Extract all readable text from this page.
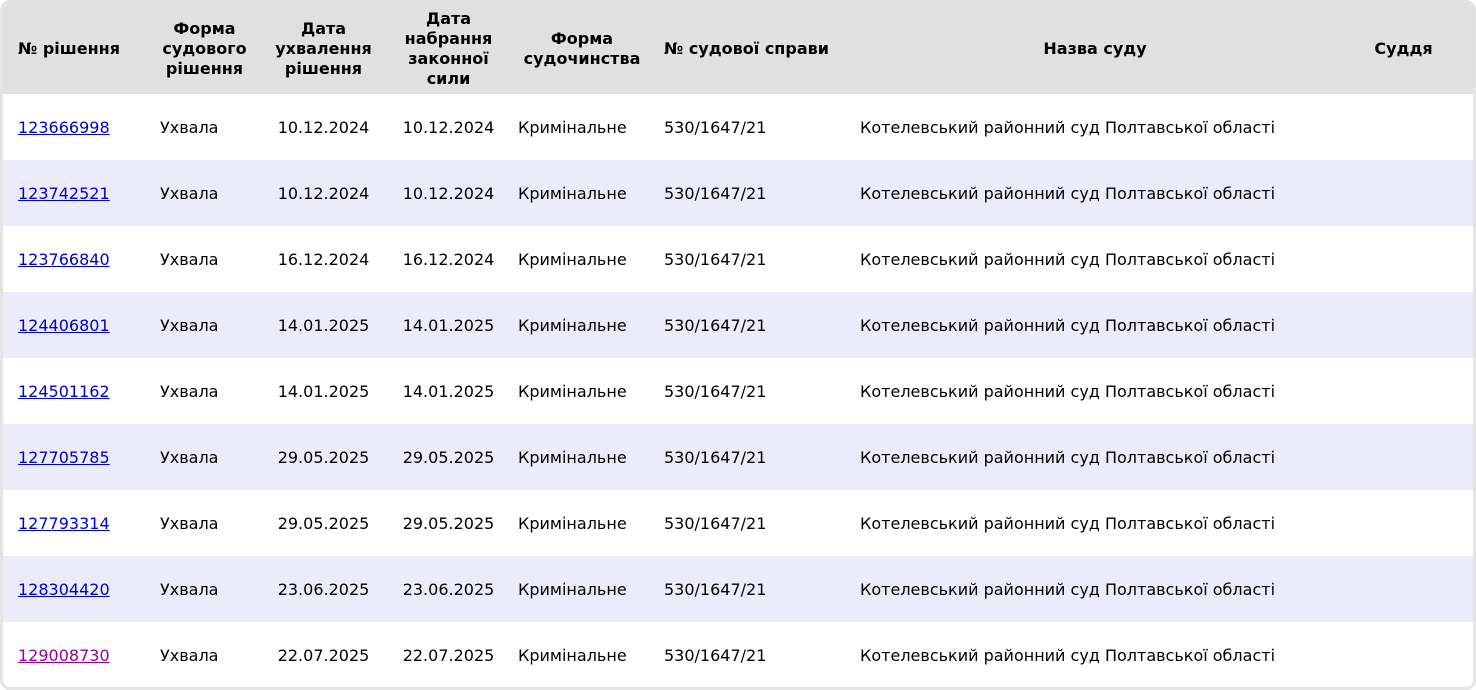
№ рішення	Форма судового рішення	Дата ухвалення рішення	Дата набрання законної сили	Форма судочинства	№ судової справи	Назва суду	Суддя
123666998	Ухвала	10.12.2024	10.12.2024	Кримінальне	530/1647/21	Котелевський районний суд Полтавської області	
123742521	Ухвала	10.12.2024	10.12.2024	Кримінальне	530/1647/21	Котелевський районний суд Полтавської області	
123766840	Ухвала	16.12.2024	16.12.2024	Кримінальне	530/1647/21	Котелевський районний суд Полтавської області	
124406801	Ухвала	14.01.2025	14.01.2025	Кримінальне	530/1647/21	Котелевський районний суд Полтавської області	
124501162	Ухвала	14.01.2025	14.01.2025	Кримінальне	530/1647/21	Котелевський районний суд Полтавської області	
127705785	Ухвала	29.05.2025	29.05.2025	Кримінальне	530/1647/21	Котелевський районний суд Полтавської області	
127793314	Ухвала	29.05.2025	29.05.2025	Кримінальне	530/1647/21	Котелевський районний суд Полтавської області	
128304420	Ухвала	23.06.2025	23.06.2025	Кримінальне	530/1647/21	Котелевський районний суд Полтавської області	
129008730	Ухвала	22.07.2025	22.07.2025	Кримінальне	530/1647/21	Котелевський районний суд Полтавської області	
